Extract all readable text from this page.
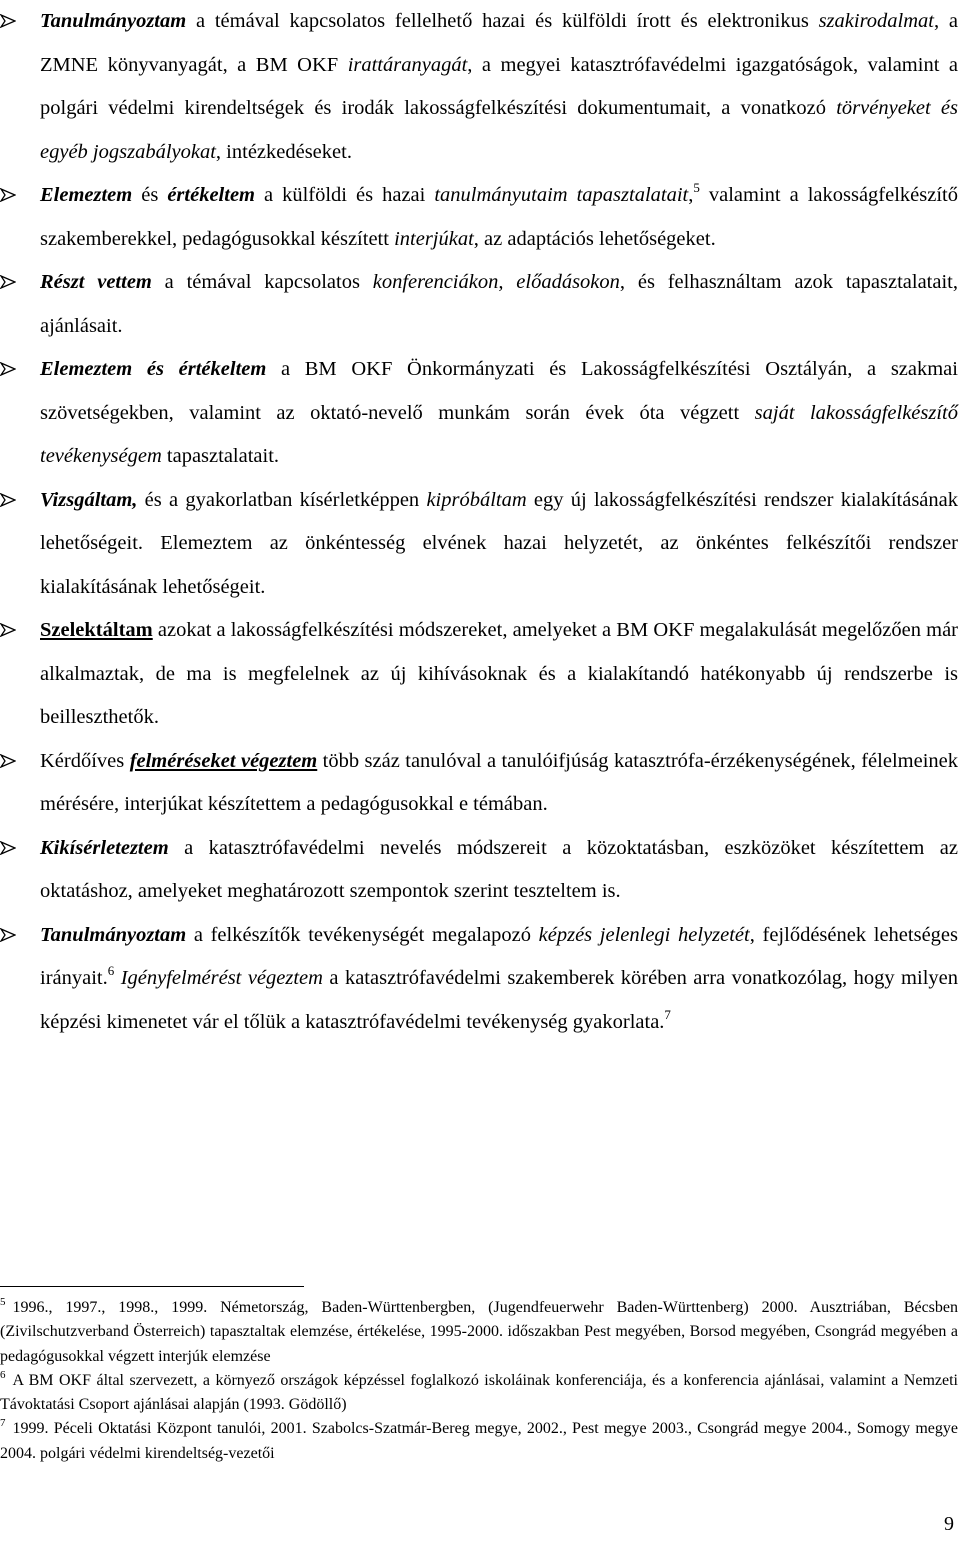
Tanulmányoztam a témával kapcsolatos fellelhető hazai és külföldi írott és elektronikus szakirodalmat, a ZMNE könyvanyagát, a BM OKF irattáranyagát, a megyei katasztrófavédelmi igazgatóságok, valamint a polgári védelmi kirendeltségek és irodák lakosságfelkészítési dokumentumait, a vonatkozó törvényeket és egyéb jogszabályokat, intézkedéseket.
Elemeztem és értékeltem a külföldi és hazai tanulmányutaim tapasztalatait,$^5$ valamint a lakosságfelkészítő szakemberekkel, pedagógusokkal készített interjúkat, az adaptációs lehetőségeket.
Részt vettem a témával kapcsolatos konferenciákon, előadásokon, és felhasználtam azok tapasztalatait, ajánlásait.
Elemeztem és értékeltem a BM OKF Önkormányzati és Lakosságfelkészítési Osztályán, a szakmai szövetségekben, valamint az oktató-nevelő munkám során évek óta végzett saját lakosságfelkészítő tevékenységem tapasztalatait.
Vizsgáltam, és a gyakorlatban kísérletképpen kipróbáltam egy új lakosságfelkészítési rendszer kialakításának lehetőségeit. Elemeztem az önkéntesség elvének hazai helyzetét, az önkéntes felkészítői rendszer kialakításának lehetőségeit.
Szelektáltam azokat a lakosságfelkészítési módszereket, amelyeket a BM OKF megalakulását megelőzően már alkalmaztak, de ma is megfelelnek az új kihívásoknak és a kialakítandó hatékonyabb új rendszerbe is beilleszthetők.
Kérdőíves felméréseket végeztem több száz tanulóval a tanulóifjúság katasztrófa-érzékenységének, félelmeinek mérésére, interjúkat készítettem a pedagógusokkal e témában.
Kikísérleteztem a katasztrófavédelmi nevelés módszereit a közoktatásban, eszközöket készítettem az oktatáshoz, amelyeket meghatározott szempontok szerint teszteltem is.
Tanulmányoztam a felkészítők tevékenységét megalapozó képzés jelenlegi helyzetét, fejlődésének lehetséges irányait.$^6$ Igényfelmérést végeztem a katasztrófavédelmi szakemberek körében arra vonatkozólag, hogy milyen képzési kimenetet vár el tőlük a katasztrófavédelmi tevékenység gyakorlata.$^7$
$^5$ 1996., 1997., 1998., 1999. Németország, Baden-Württenbergben, (Jugendfeuerwehr Baden-Württenberg) 2000. Ausztriában, Bécsben (Zivilschutzverband Österreich) tapasztaltak elemzése, értékelése, 1995-2000. időszakban Pest megyében, Borsod megyében, Csongrád megyében a pedagógusokkal végzett interjúk elemzése
$^6$ A BM OKF által szervezett, a környező országok képzéssel foglalkozó iskoláinak konferenciája, és a konferencia ajánlásai, valamint a Nemzeti Távoktatási Csoport ajánlásai alapján (1993. Gödöllő)
$^7$ 1999. Péceli Oktatási Központ tanulói, 2001. Szabolcs-Szatmár-Bereg megye, 2002., Pest megye 2003., Csongrád megye 2004., Somogy megye 2004. polgári védelmi kirendeltség-vezetői
9
